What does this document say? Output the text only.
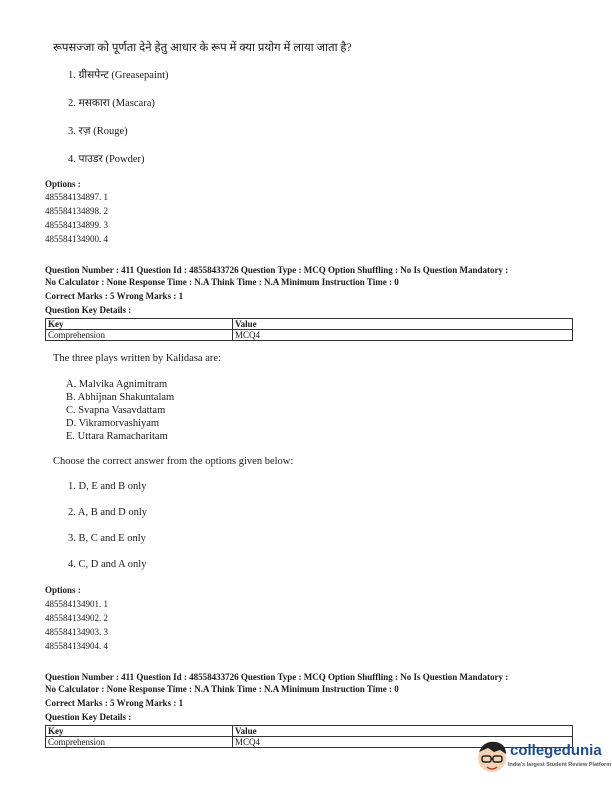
रूपसज्जा को पूर्णता देने हेतु आधार के रूप में क्या प्रयोग में लाया जाता है?
1. ग्रीसपेन्ट (Greasepaint)
2. मसकारा (Mascara)
3. रज़ (Rouge)
4. पाउडर (Powder)
Options :
485584134897. 1
485584134898. 2
485584134899. 3
485584134900. 4
Question Number : 411 Question Id : 48558433726 Question Type : MCQ Option Shuffling : No Is Question Mandatory :
No Calculator : None Response Time : N.A Think Time : N.A Minimum Instruction Time : 0
Correct Marks : 5 Wrong Marks : 1
Question Key Details :
Key	Value
Comprehension	MCQ4
The three plays written by Kalidasa are:
A. Malvika Agnimitram
B. Abhijnan Shakuntalam
C. Svapna Vasavdattam
D. Vikramorvashiyam
E. Uttara Ramacharitam
Choose the correct answer from the options given below:
1. D, E and B only
2. A, B and D only
3. B, C and E only
4. C, D and A only
Options :
485584134901. 1
485584134902. 2
485584134903. 3
485584134904. 4
Question Number : 411 Question Id : 48558433726 Question Type : MCQ Option Shuffling : No Is Question Mandatory :
No Calculator : None Response Time : N.A Think Time : N.A Minimum Instruction Time : 0
Correct Marks : 5 Wrong Marks : 1
Question Key Details :
Key	Value
Comprehension	MCQ4	collegedunia
India's largest Student Review Platform
